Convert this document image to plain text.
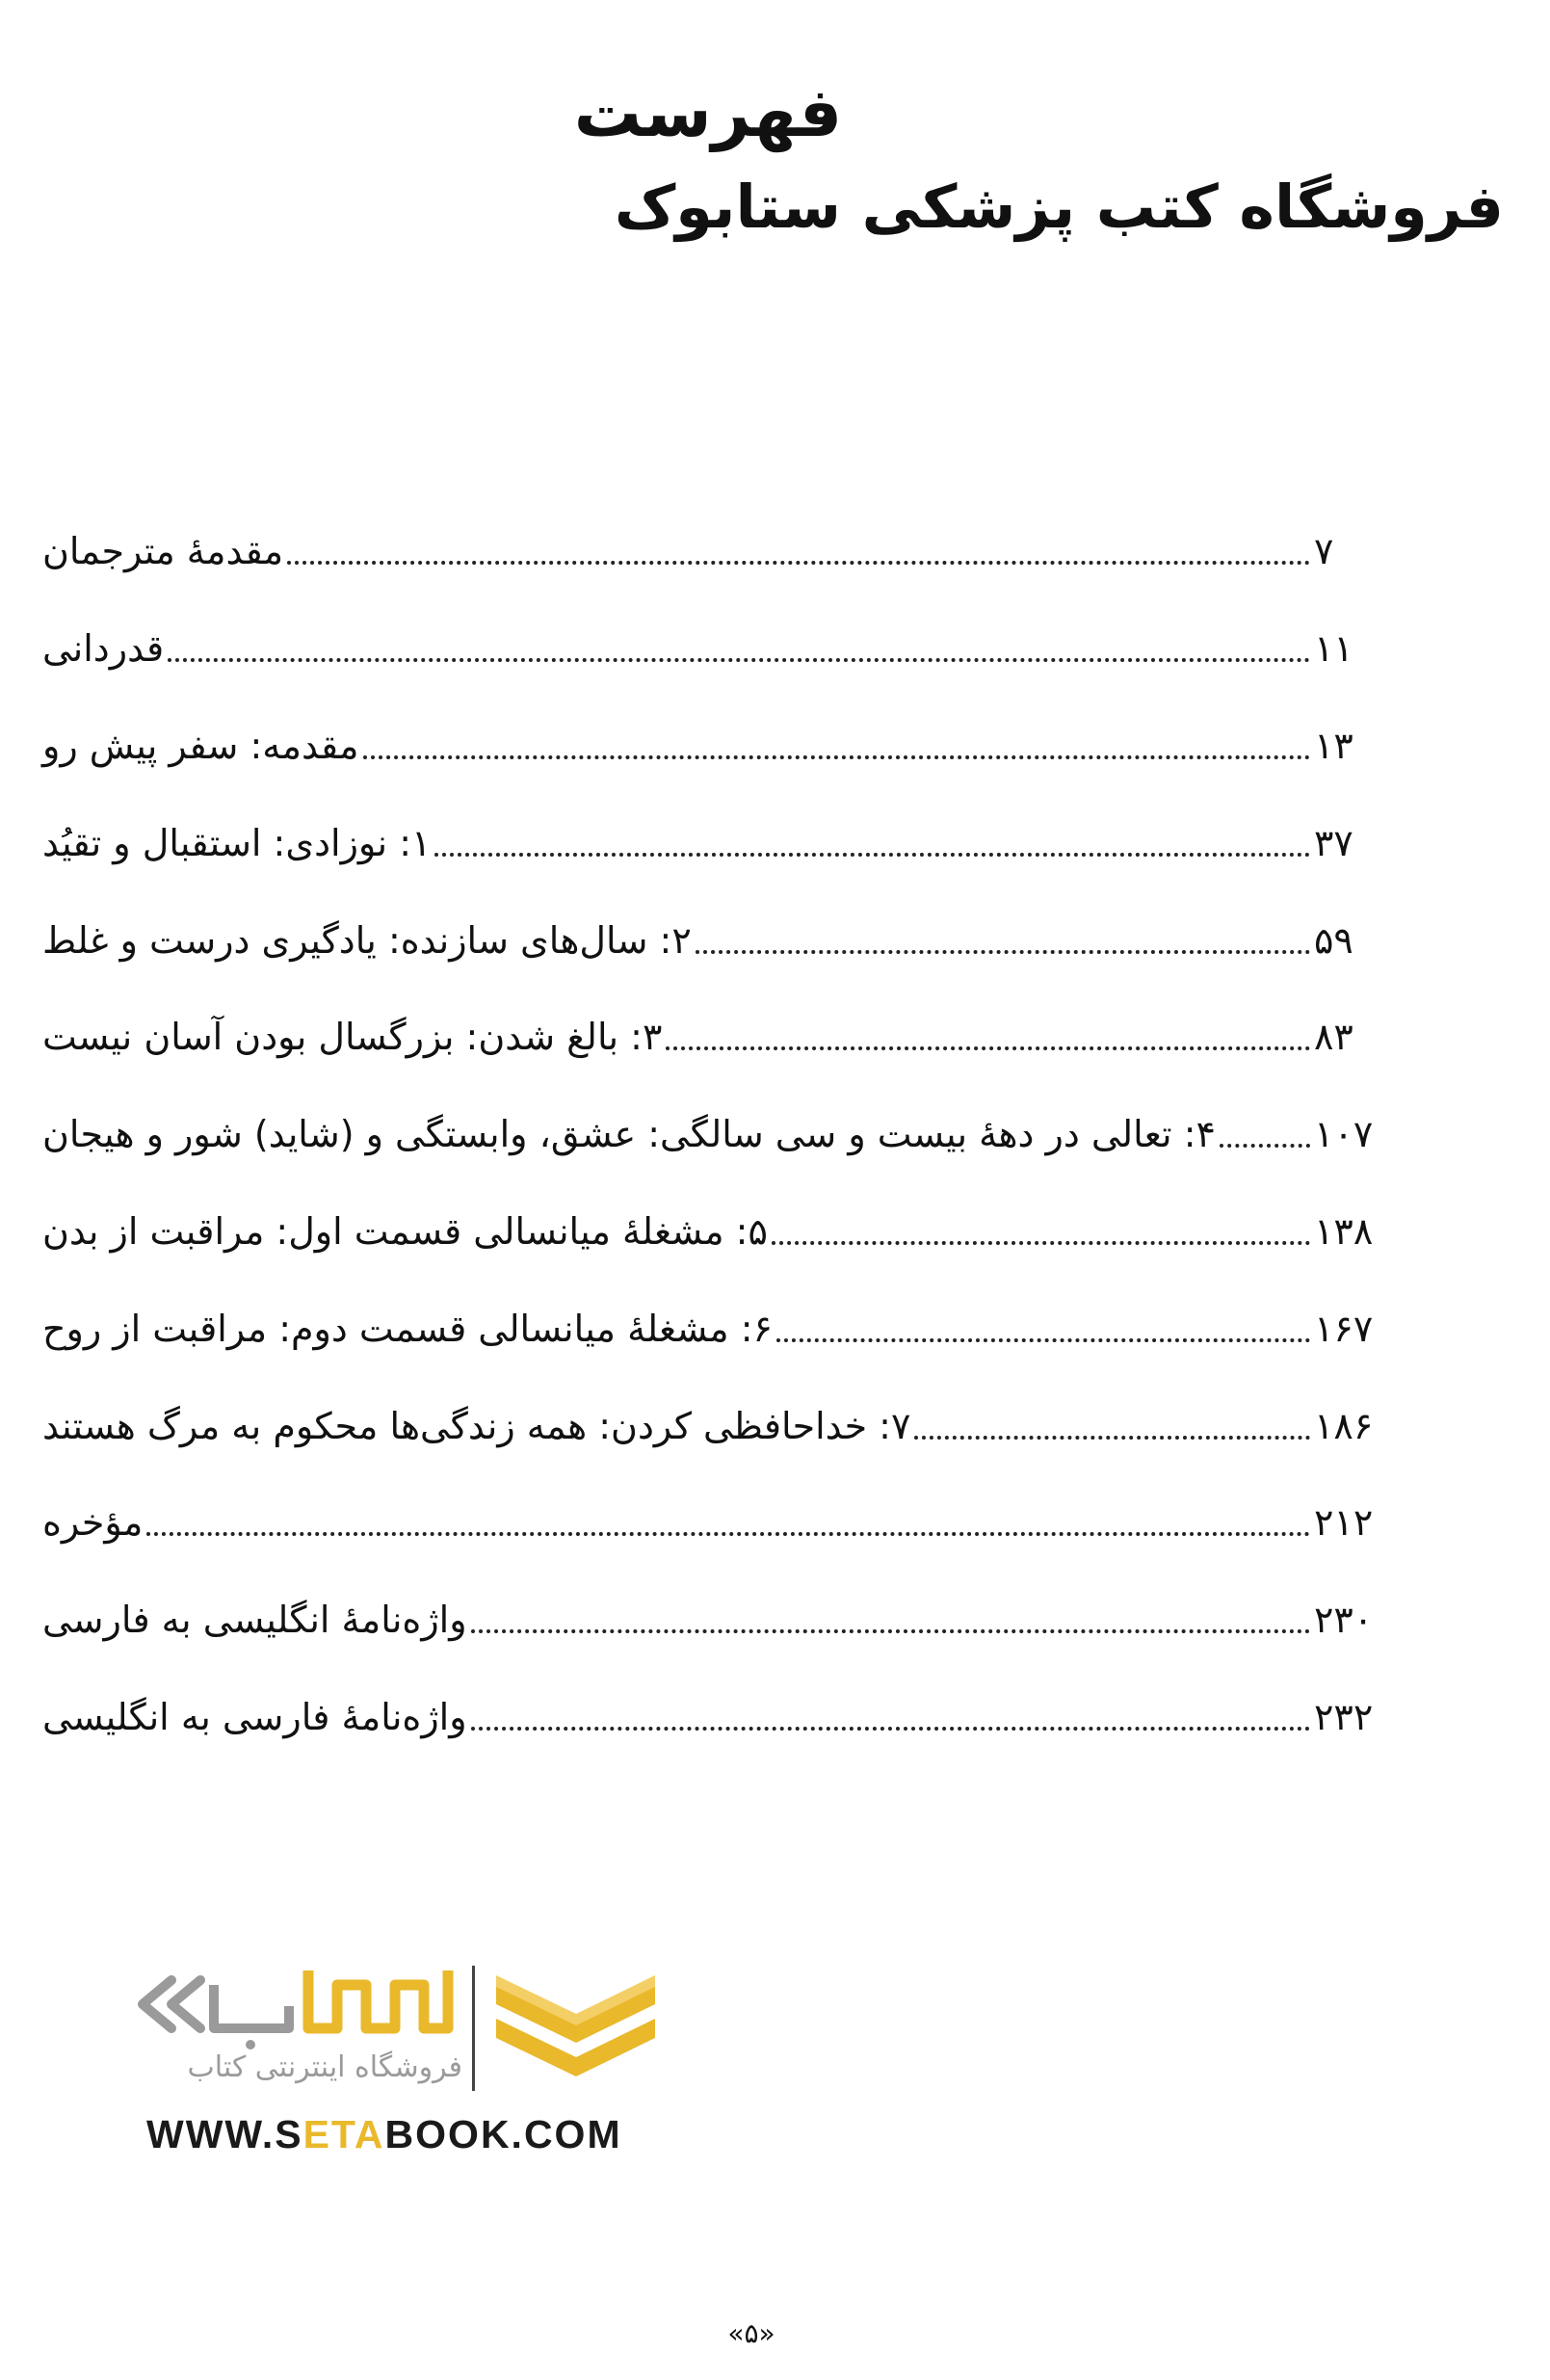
فهرست
فروشگاه کتب پزشکی ستابوک
مقدمۀ مترجمان	۷
قدردانی	۱۱
مقدمه: سفر پیش رو	۱۳
۱: نوزادی: استقبال و تقیُد	۳۷
۲: سال‌های سازنده: یادگیری درست و غلط	۵۹
۳: بالغ شدن: بزرگسال بودن آسان نیست	۸۳
۴: تعالی در دهۀ بیست و سی سالگی: عشق، وابستگی و (شاید) شور و هیجان	۱۰۷
۵: مشغلۀ میانسالی قسمت اول: مراقبت از بدن	۱۳۸
۶: مشغلۀ میانسالی قسمت دوم: مراقبت از روح	۱۶۷
۷: خداحافظی کردن: همه زندگی‌ها محکوم به مرگ هستند	۱۸۶
مؤخره	۲۱۲
واژه‌نامۀ انگلیسی به فارسی	۲۳۰
واژه‌نامۀ فارسی به انگلیسی	۲۳۲
فروشگاه اینترنتی کتاب
WWW.SETABOOK.COM
«۵»
